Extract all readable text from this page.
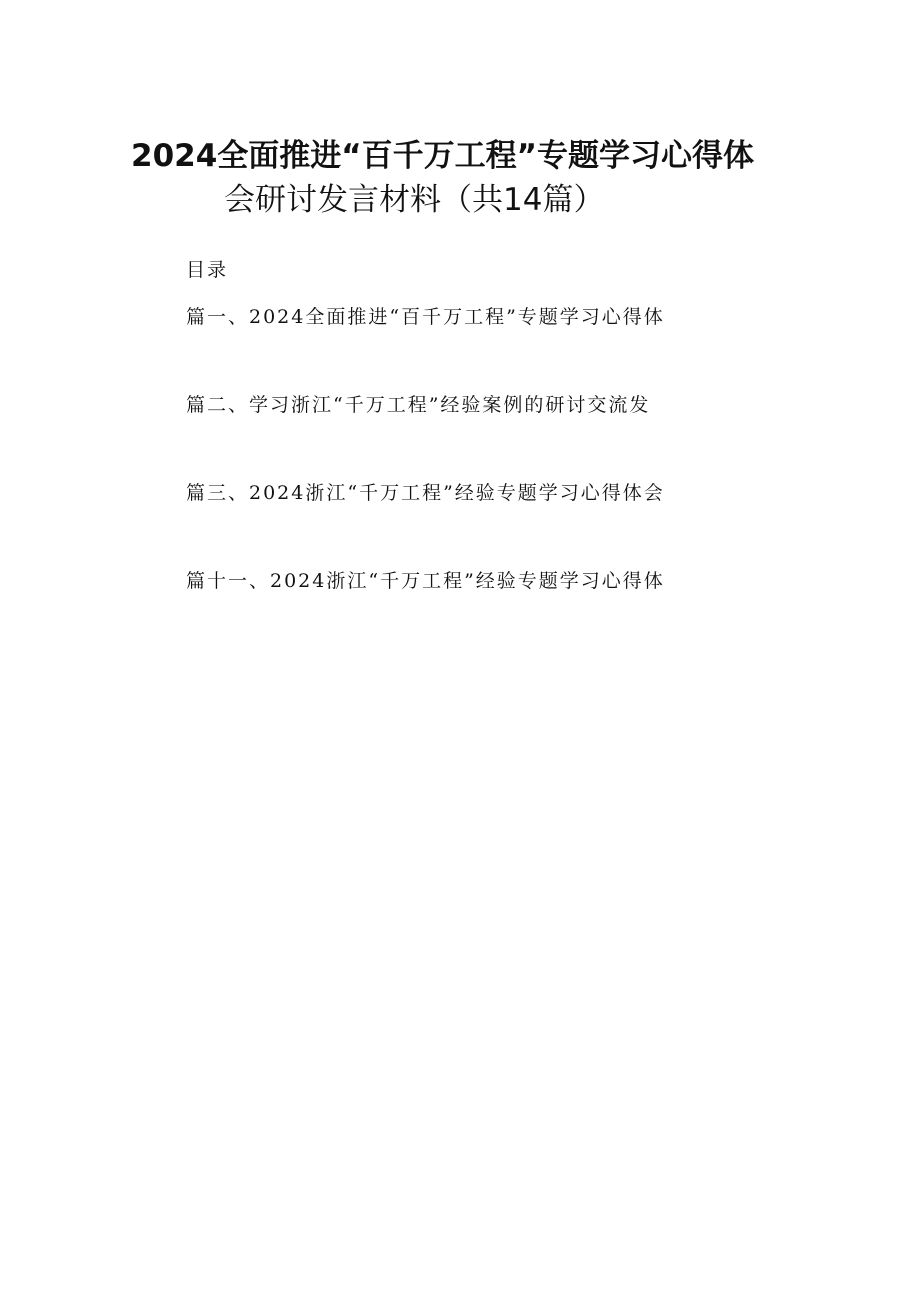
2024全面推进“百千万工程”专题学习心得体
会研讨发言材料（共14篇）
目录
篇一、2024全面推进“百千万工程”专题学习心得体
篇二、学习浙江“千万工程”经验案例的研讨交流发
篇三、2024浙江“千万工程”经验专题学习心得体会
篇十一、2024浙江“千万工程”经验专题学习心得体
